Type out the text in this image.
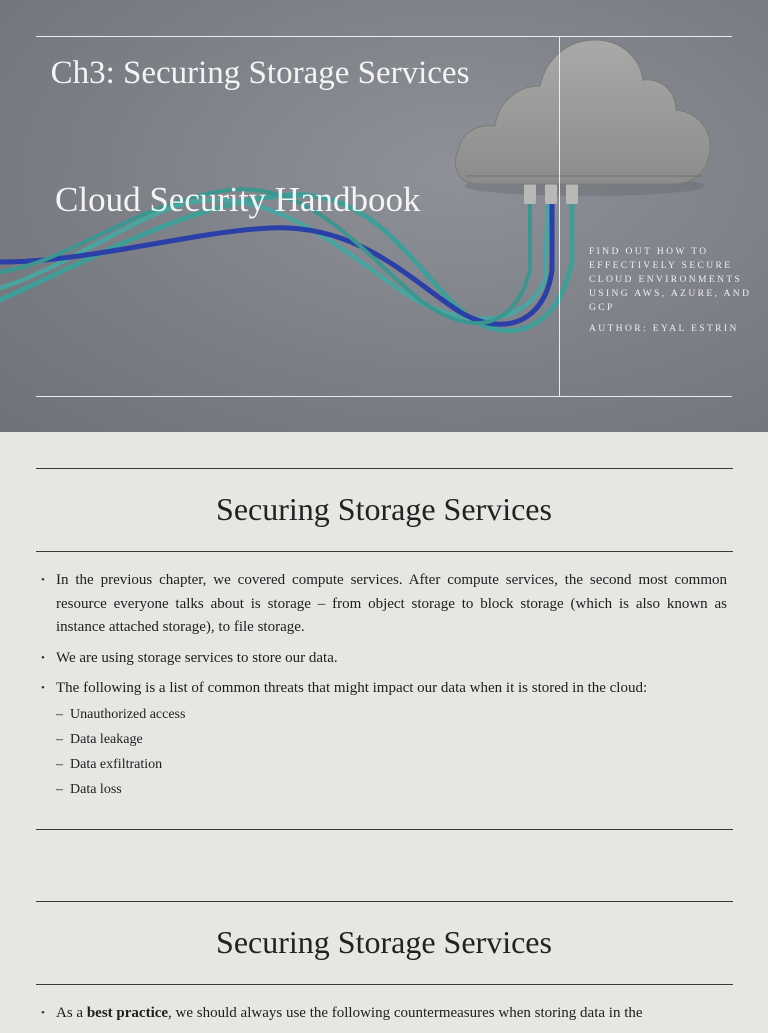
Ch3: Securing Storage Services
Cloud Security Handbook
FIND OUT HOW TO EFFECTIVELY SECURE CLOUD ENVIRONMENTS USING AWS, AZURE, AND GCP
AUTHOR: EYAL ESTRIN
Securing Storage Services
• In the previous chapter, we covered compute services. After compute services, the second most common resource everyone talks about is storage – from object storage to block storage (which is also known as instance attached storage), to file storage.
• We are using storage services to store our data.
• The following is a list of common threats that might impact our data when it is stored in the cloud:
– Unauthorized access
– Data leakage
– Data exfiltration
– Data loss
Securing Storage Services
• As a best practice, we should always use the following countermeasures when storing data in the
